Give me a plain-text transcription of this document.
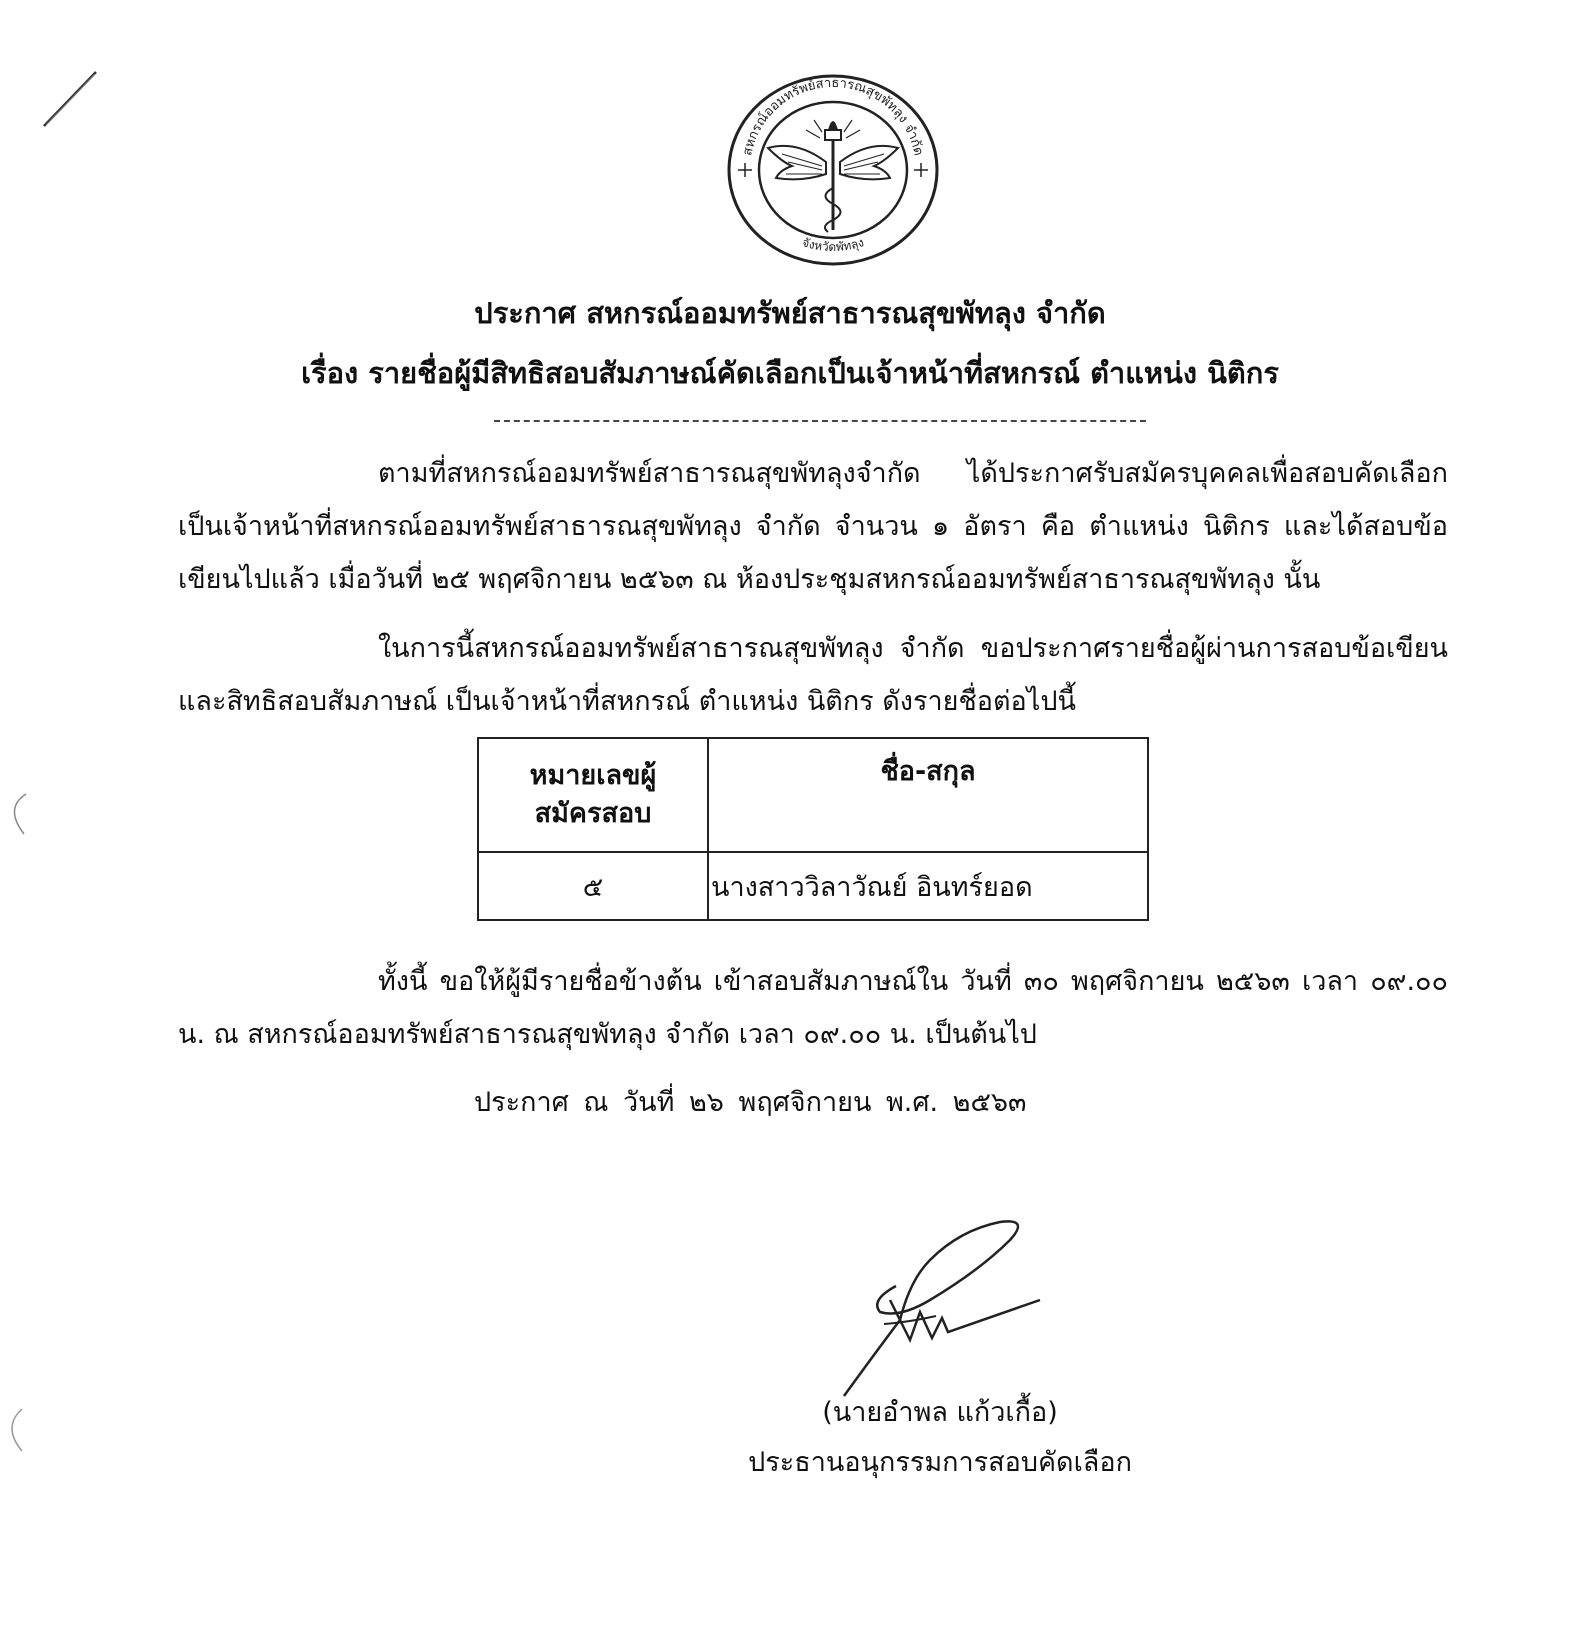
สหกรณ์ออมทรัพย์สาธารณสุขพัทลุง จำกัด
จังหวัดพัทลุง
ประกาศ สหกรณ์ออมทรัพย์สาธารณสุขพัทลุง จำกัด
เรื่อง รายชื่อผู้มีสิทธิสอบสัมภาษณ์คัดเลือกเป็นเจ้าหน้าที่สหกรณ์ ตำแหน่ง นิติกร

ตามที่สหกรณ์ออมทรัพย์สาธารณสุขพัทลุงจำกัด ได้ประกาศรับสมัครบุคคลเพื่อสอบคัดเลือกเป็นเจ้าหน้าที่สหกรณ์ออมทรัพย์สาธารณสุขพัทลุง จำกัด จำนวน ๑ อัตรา คือ ตำแหน่ง นิติกร และได้สอบข้อเขียนไปแล้ว เมื่อวันที่ ๒๕ พฤศจิกายน ๒๕๖๓ ณ ห้องประชุมสหกรณ์ออมทรัพย์สาธารณสุขพัทลุง นั้น

ในการนี้สหกรณ์ออมทรัพย์สาธารณสุขพัทลุง จำกัด ขอประกาศรายชื่อผู้ผ่านการสอบข้อเขียนและสิทธิสอบสัมภาษณ์ เป็นเจ้าหน้าที่สหกรณ์ ตำแหน่ง นิติกร ดังรายชื่อต่อไปนี้

หมายเลขผู้
สมัครสอบ	ชื่อ-สกุล
๕	นางสาววิลาวัณย์ อินทร์ยอด

ทั้งนี้ ขอให้ผู้มีรายชื่อข้างต้น เข้าสอบสัมภาษณ์ใน วันที่ ๓๐ พฤศจิกายน ๒๕๖๓ เวลา ๐๙.๐๐ น. ณ สหกรณ์ออมทรัพย์สาธารณสุขพัทลุง จำกัด เวลา ๐๙.๐๐ น. เป็นต้นไป

ประกาศ ณ วันที่ ๒๖ พฤศจิกายน พ.ศ. ๒๕๖๓
(นายอำพล แก้วเกื้อ)
ประธานอนุกรรมการสอบคัดเลือก
